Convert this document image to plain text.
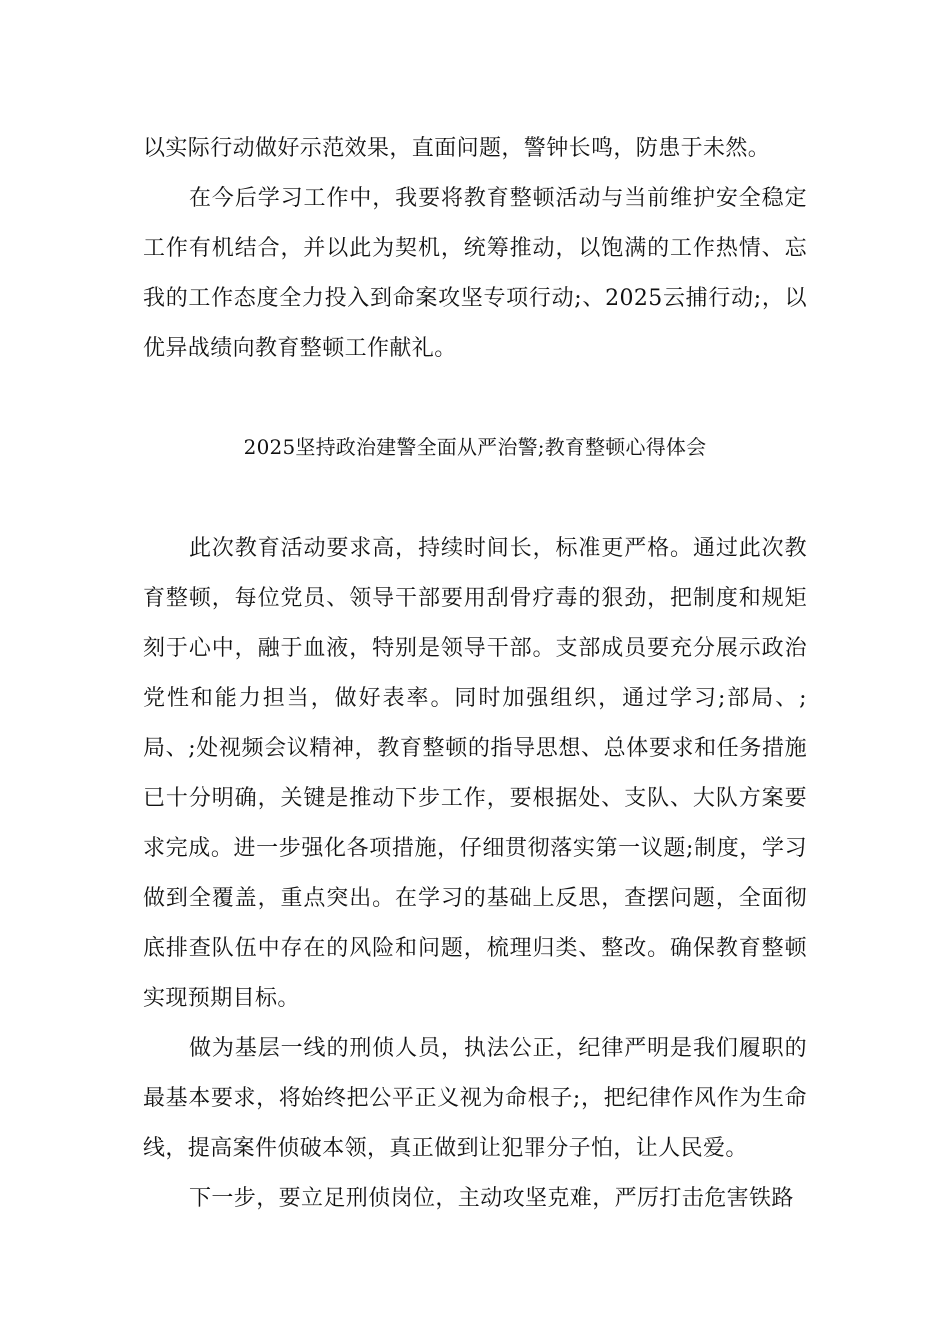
以实际行动做好示范效果，直面问题，警钟长鸣，防患于未然。

在今后学习工作中，我要将教育整顿活动与当前维护安全稳定工作有机结合，并以此为契机，统筹推动，以饱满的工作热情、忘我的工作态度全力投入到命案攻坚专项行动;、2025云捕行动;，以优异战绩向教育整顿工作献礼。

2025坚持政治建警全面从严治警;教育整顿心得体会

此次教育活动要求高，持续时间长，标准更严格。通过此次教育整顿，每位党员、领导干部要用刮骨疗毒的狠劲，把制度和规矩刻于心中，融于血液，特别是领导干部。支部成员要充分展示政治党性和能力担当，做好表率。同时加强组织，通过学习;部局、;局、;处视频会议精神，教育整顿的指导思想、总体要求和任务措施已十分明确，关键是推动下步工作，要根据处、支队、大队方案要求完成。进一步强化各项措施，仔细贯彻落实第一议题;制度，学习做到全覆盖，重点突出。在学习的基础上反思，查摆问题，全面彻底排查队伍中存在的风险和问题，梳理归类、整改。确保教育整顿实现预期目标。

做为基层一线的刑侦人员，执法公正，纪律严明是我们履职的最基本要求，将始终把公平正义视为命根子;，把纪律作风作为生命线，提高案件侦破本领，真正做到让犯罪分子怕，让人民爱。

下一步，要立足刑侦岗位，主动攻坚克难，严厉打击危害铁路
